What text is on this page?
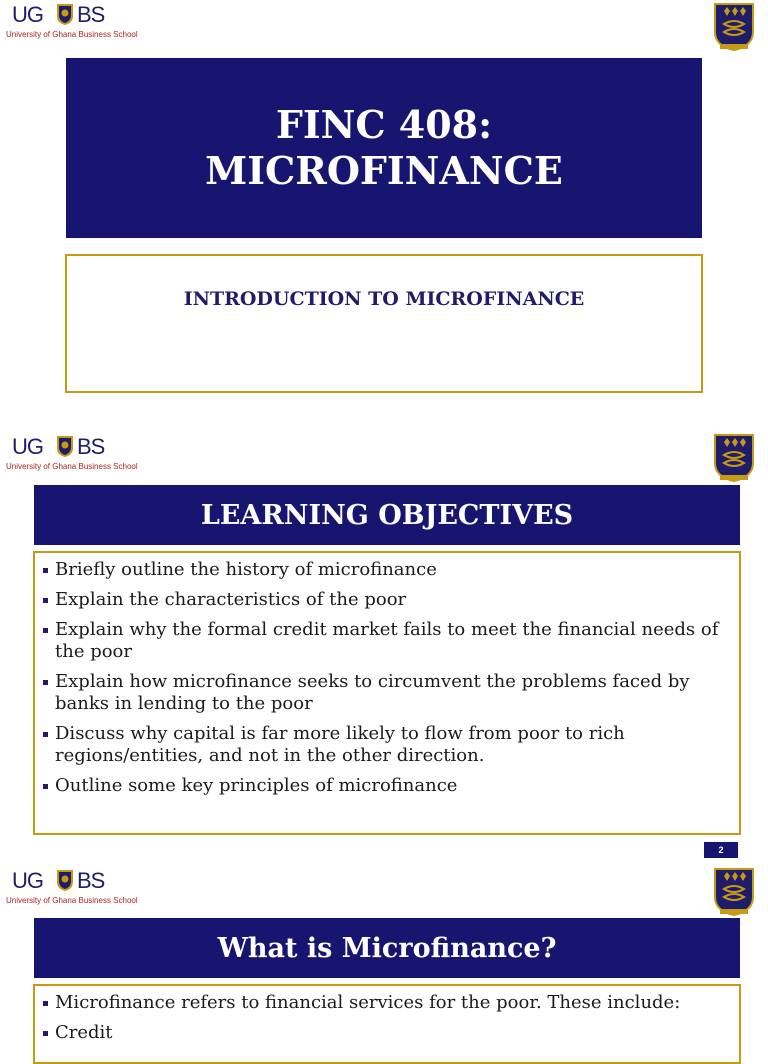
UG BS
University of Ghana Business School
FINC 408:
MICROFINANCE
INTRODUCTION TO MICROFINANCE
UG BS
University of Ghana Business School
LEARNING OBJECTIVES
Briefly outline the history of microfinance
Explain the characteristics of the poor
Explain why the formal credit market fails to meet the financial needs of the poor
Explain how microfinance seeks to circumvent the problems faced by banks in lending to the poor
Discuss why capital is far more likely to flow from poor to rich regions/entities, and not in the other direction.
Outline some key principles of microfinance
2
UG BS
University of Ghana Business School
What is Microfinance?
Microfinance refers to financial services for the poor. These include:
Credit
